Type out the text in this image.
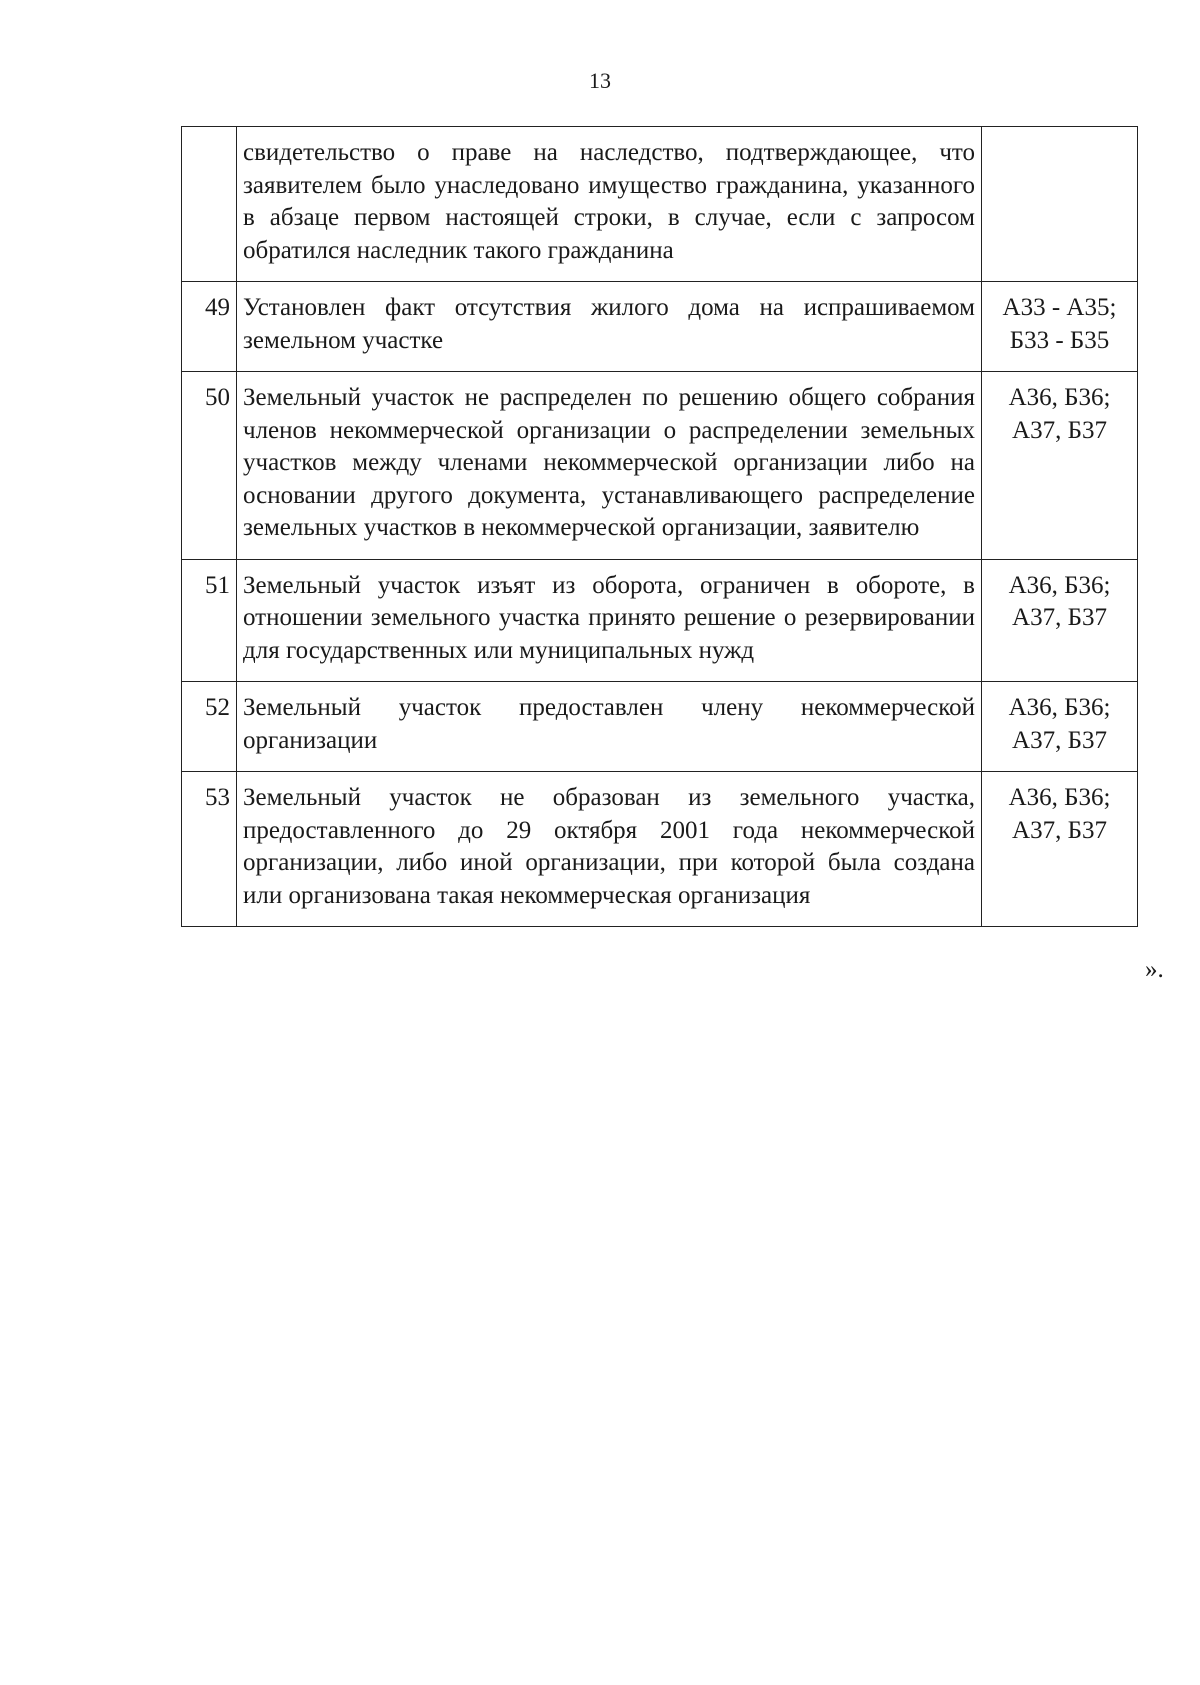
13
	свидетельство о праве на наследство, подтверждающее, что заявителем было унаследовано имущество гражданина, указанного в абзаце первом настоящей строки, в случае, если с запросом обратился наследник такого гражданина	
49	Установлен факт отсутствия жилого дома на испрашиваемом земельном участке	А33 - А35;
Б33 - Б35

50	Земельный участок не распределен по решению общего собрания членов некоммерческой организации о распределении земельных участков между членами некоммерческой организации либо на основании другого документа, устанавливающего распределение земельных участков в некоммерческой организации, заявителю	А36, Б36;
А37, Б37

51	Земельный участок изъят из оборота, ограничен в обороте, в отношении земельного участка принято решение о резервировании для государственных или муниципальных нужд	А36, Б36;
А37, Б37

52	Земельный участок предоставлен члену некоммерческой организации	А36, Б36;
А37, Б37

53	Земельный участок не образован из земельного участка, предоставленного до 29 октября 2001 года некоммерческой организации, либо иной организации, при которой была создана или организована такая некоммерческая организация	А36, Б36;
А37, Б37
».
